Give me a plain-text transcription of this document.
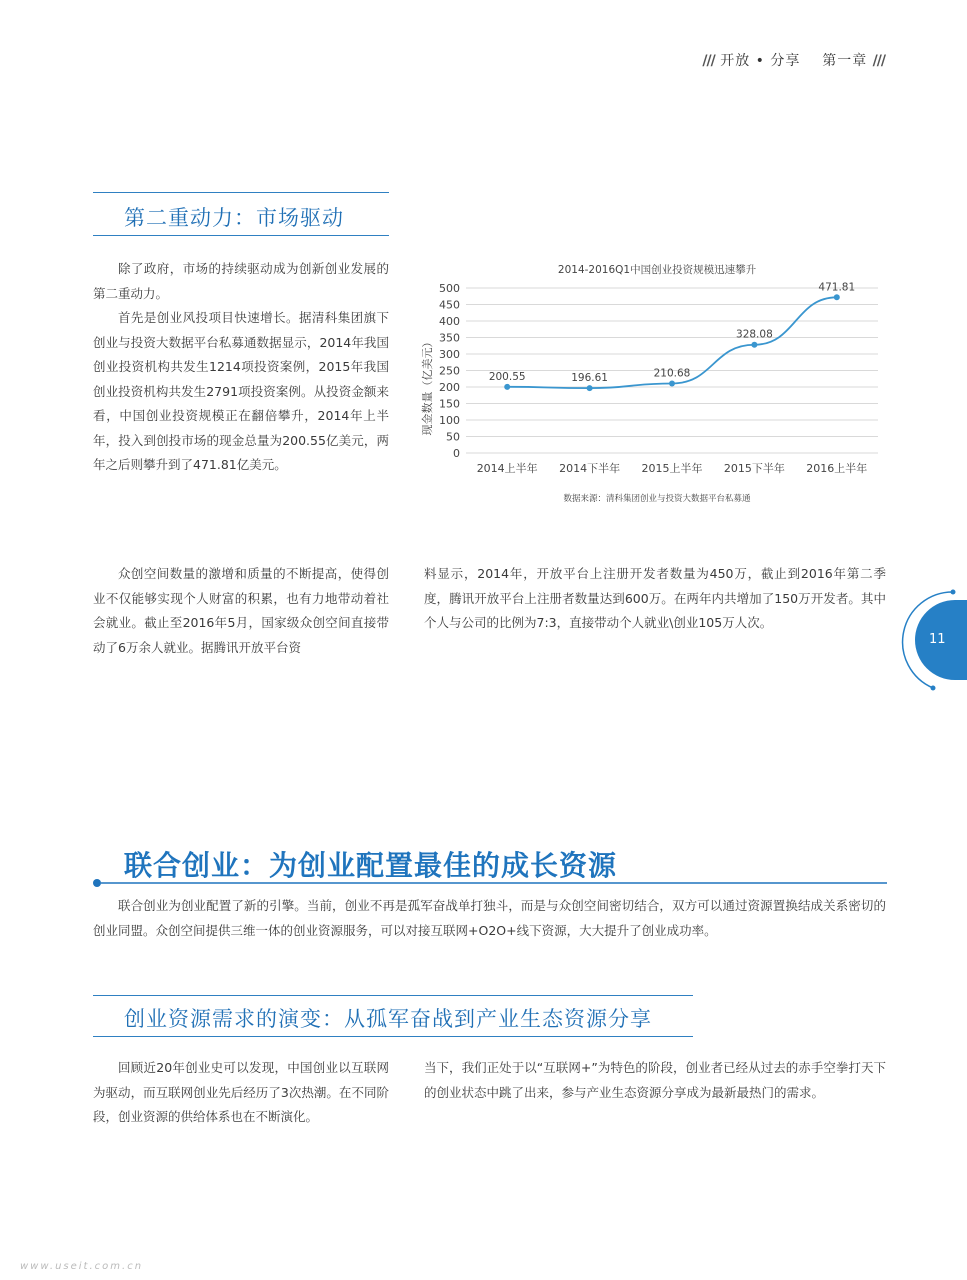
/// 开放 • 分享 第一章 ///
第二重动力：市场驱动

除了政府，市场的持续驱动成为创新创业发展的第二重动力。

首先是创业风投项目快速增长。据清科集团旗下创业与投资大数据平台私募通数据显示，2014年我国创业投资机构共发生1214项投资案例，2015年我国创业投资机构共发生2791项投资案例。从投资金额来看，中国创业投资规模正在翻倍攀升，2014年上半年，投入到创投市场的现金总量为200.55亿美元，两年之后则攀升到了471.81亿美元。

2014-2016Q1中国创业投资规模迅速攀升
现金数量（亿美元）
0
50
100
150
200
250
300
350
400
450
500
2014上半年 2014下半年 2015上半年 2015下半年 2016上半年
200.55	196.61	210.68
328.08
471.81
数据来源：清科集团创业与投资大数据平台私募通

众创空间数量的激增和质量的不断提高，使得创业不仅能够实现个人财富的积累，也有力地带动着社会就业。截止至2016年5月，国家级众创空间直接带动了6万余人就业。据腾讯开放平台资

料显示，2014年，开放平台上注册开发者数量为450万，截止到2016年第二季度，腾讯开放平台上注册者数量达到600万。在两年内共增加了150万开发者。其中个人与公司的比例为7:3，直接带动个人就业\创业105万人次。

11
联合创业：为创业配置最佳的成长资源

联合创业为创业配置了新的引擎。当前，创业不再是孤军奋战单打独斗，而是与众创空间密切结合，双方可以通过资源置换结成关系密切的创业同盟。众创空间提供三维一体的创业资源服务，可以对接互联网+O2O+线下资源，大大提升了创业成功率。

创业资源需求的演变：从孤军奋战到产业生态资源分享

回顾近20年创业史可以发现，中国创业以互联网为驱动，而互联网创业先后经历了3次热潮。在不同阶段，创业资源的供给体系也在不断演化。

当下，我们正处于以“互联网+”为特色的阶段，创业者已经从过去的赤手空拳打天下的创业状态中跳了出来，参与产业生态资源分享成为最新最热门的需求。

www.useit.com.cn
